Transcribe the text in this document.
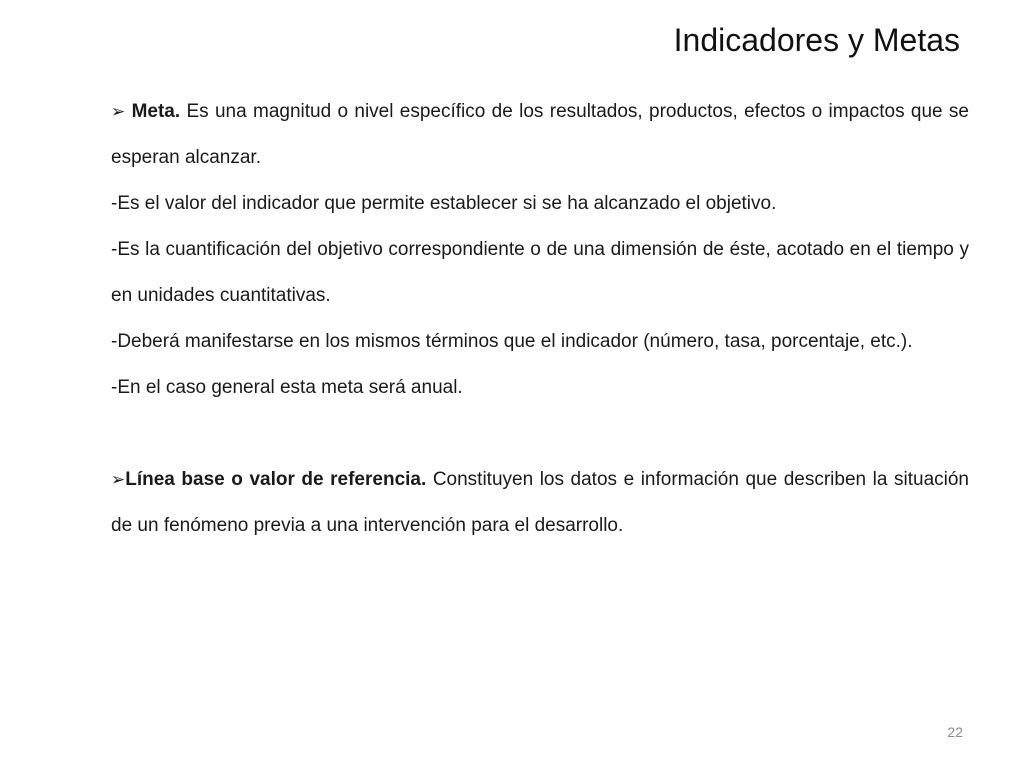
Indicadores y Metas

➢ Meta. Es una magnitud o nivel específico de los resultados, productos, efectos o impactos que se esperan alcanzar.

-Es el valor del indicador que permite establecer si se ha alcanzado el objetivo.

-Es la cuantificación del objetivo correspondiente o de una dimensión de éste, acotado en el tiempo y en unidades cuantitativas.

-Deberá manifestarse en los mismos términos que el indicador (número, tasa, porcentaje, etc.).

-En el caso general esta meta será anual.

➢Línea base o valor de referencia. Constituyen los datos e información que describen la situación de un fenómeno previa a una intervención para el desarrollo.

22
